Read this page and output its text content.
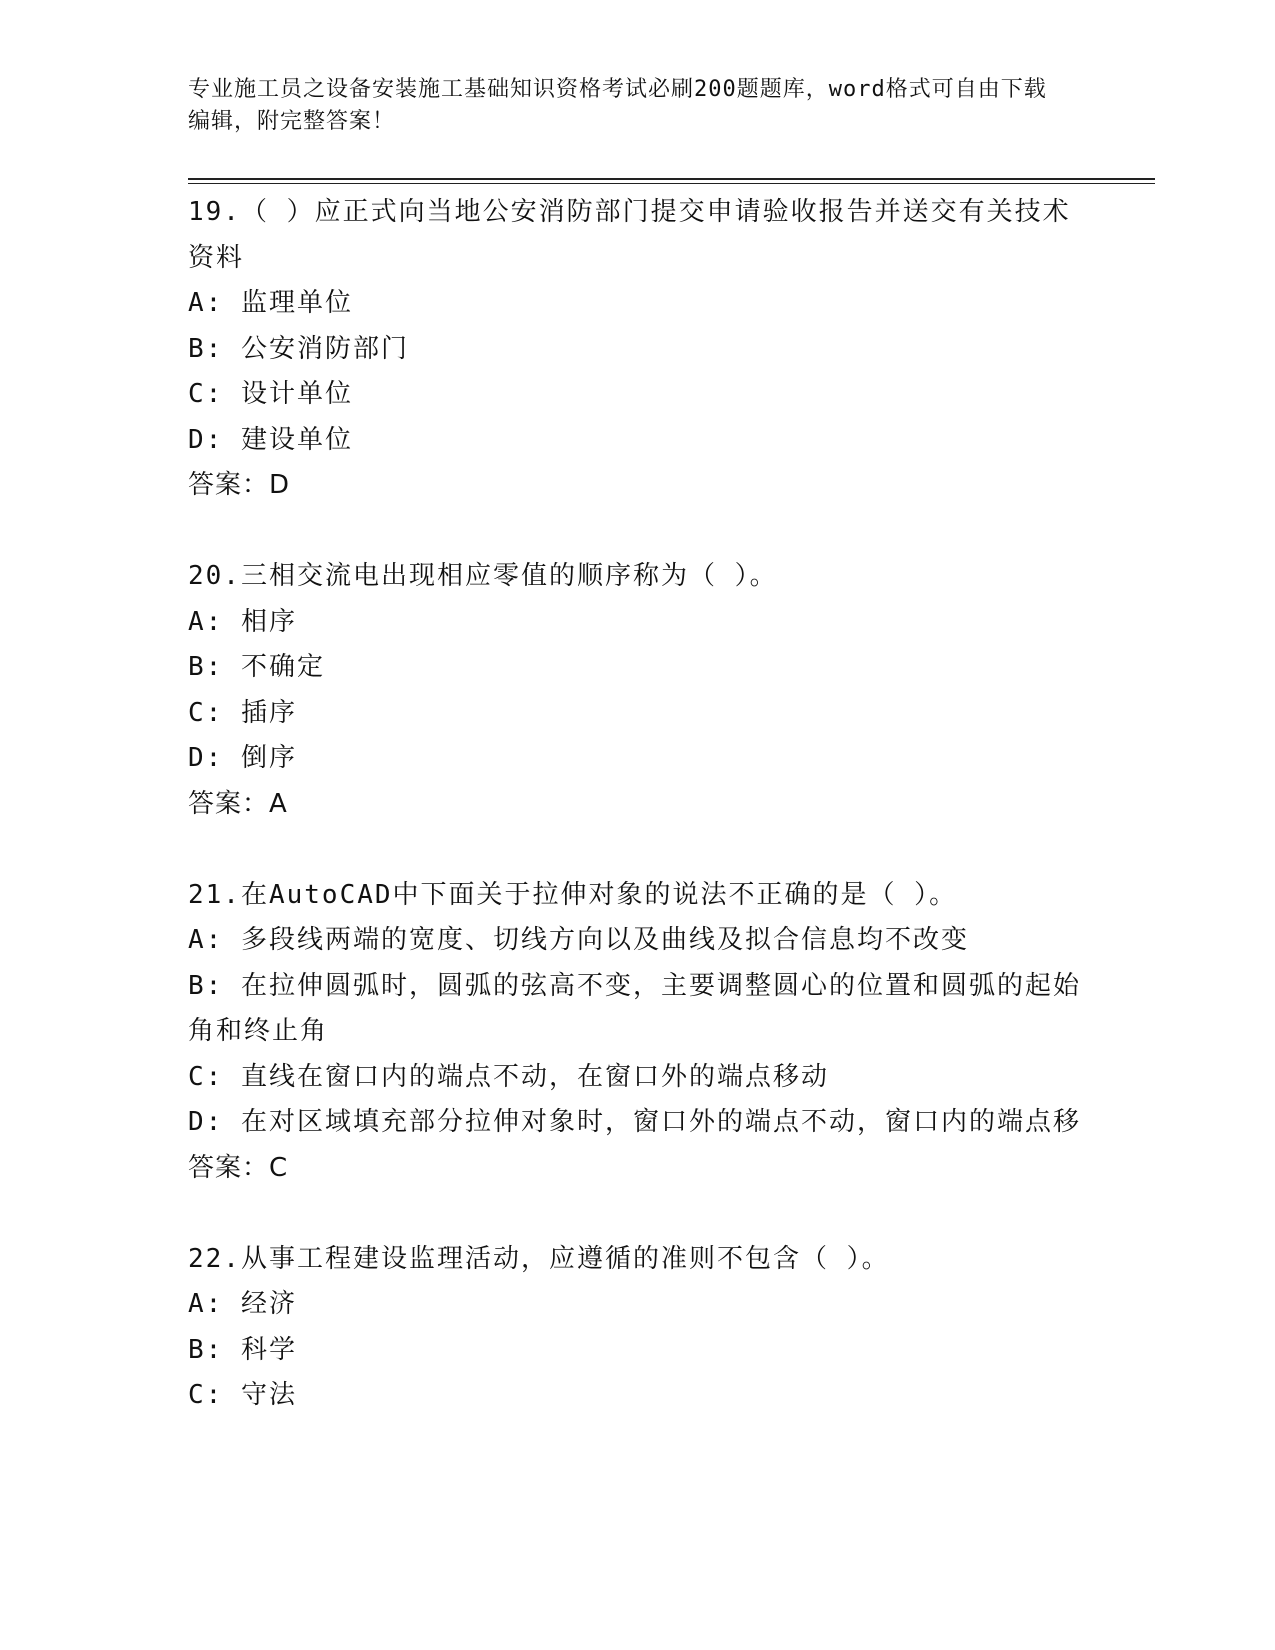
专业施工员之设备安装施工基础知识资格考试必刷200题题库，word格式可自由下载编辑，附完整答案！
19.（ ）应正式向当地公安消防部门提交申请验收报告并送交有关技术资料
A: 监理单位
B: 公安消防部门
C: 设计单位
D: 建设单位
答案：D
20.三相交流电出现相应零值的顺序称为（ ）。
A: 相序
B: 不确定
C: 插序
D: 倒序
答案：A
21.在AutoCAD中下面关于拉伸对象的说法不正确的是（ ）。
A: 多段线两端的宽度、切线方向以及曲线及拟合信息均不改变
B: 在拉伸圆弧时，圆弧的弦高不变，主要调整圆心的位置和圆弧的起始角和终止角
C: 直线在窗口内的端点不动，在窗口外的端点移动
D: 在对区域填充部分拉伸对象时，窗口外的端点不动，窗口内的端点移
答案：C
22.从事工程建设监理活动，应遵循的准则不包含（ ）。
A: 经济
B: 科学
C: 守法
